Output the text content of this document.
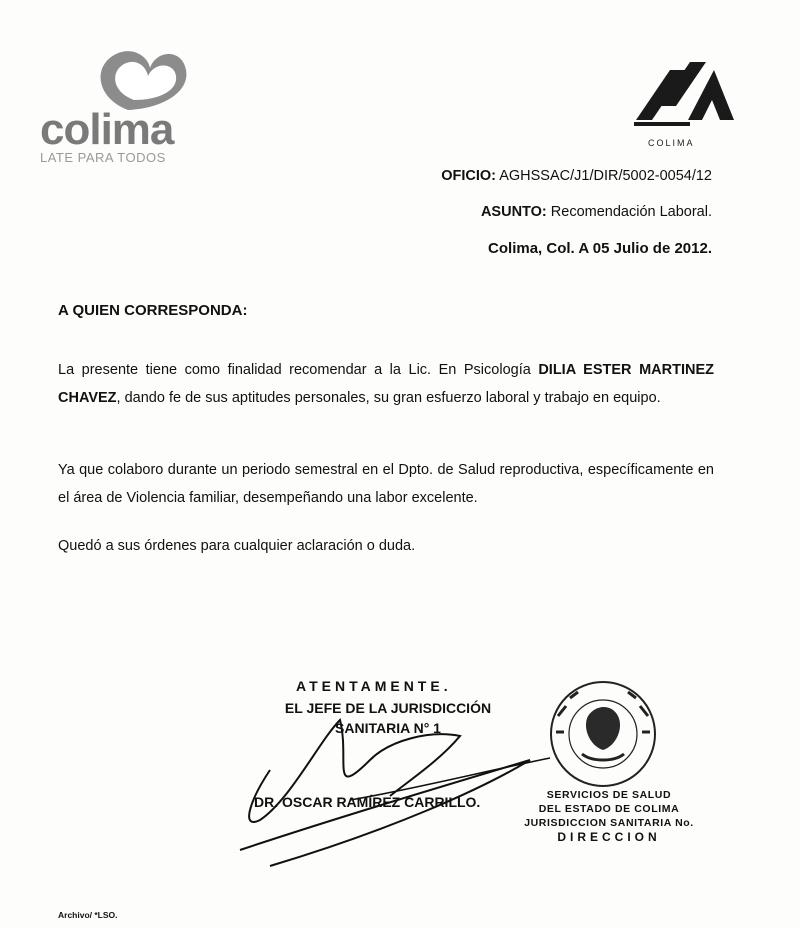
colima
LATE PARA TODOS
COLIMA
OFICIO: AGHSSAC/J1/DIR/5002-0054/12
ASUNTO: Recomendación Laboral.
Colima, Col. A 05 Julio de 2012.
A QUIEN CORRESPONDA:
La presente tiene como finalidad recomendar a la Lic. En Psicología DILIA ESTER MARTINEZ CHAVEZ, dando fe de sus aptitudes personales, su gran esfuerzo laboral y trabajo en equipo.
Ya que colaboro durante un periodo semestral en el Dpto. de Salud reproductiva, específicamente en el área de Violencia familiar, desempeñando una labor excelente.
Quedó a sus órdenes para cualquier aclaración o duda.
ATENTAMENTE.
EL JEFE DE LA JURISDICCIÓN
SANITARIA N° 1
DR. OSCAR RAMÍREZ CARRILLO.	SERVICIOS DE SALUD
DEL ESTADO DE COLIMA
JURISDICCION SANITARIA No.
DIRECCION
Archivo/ *LSO.
